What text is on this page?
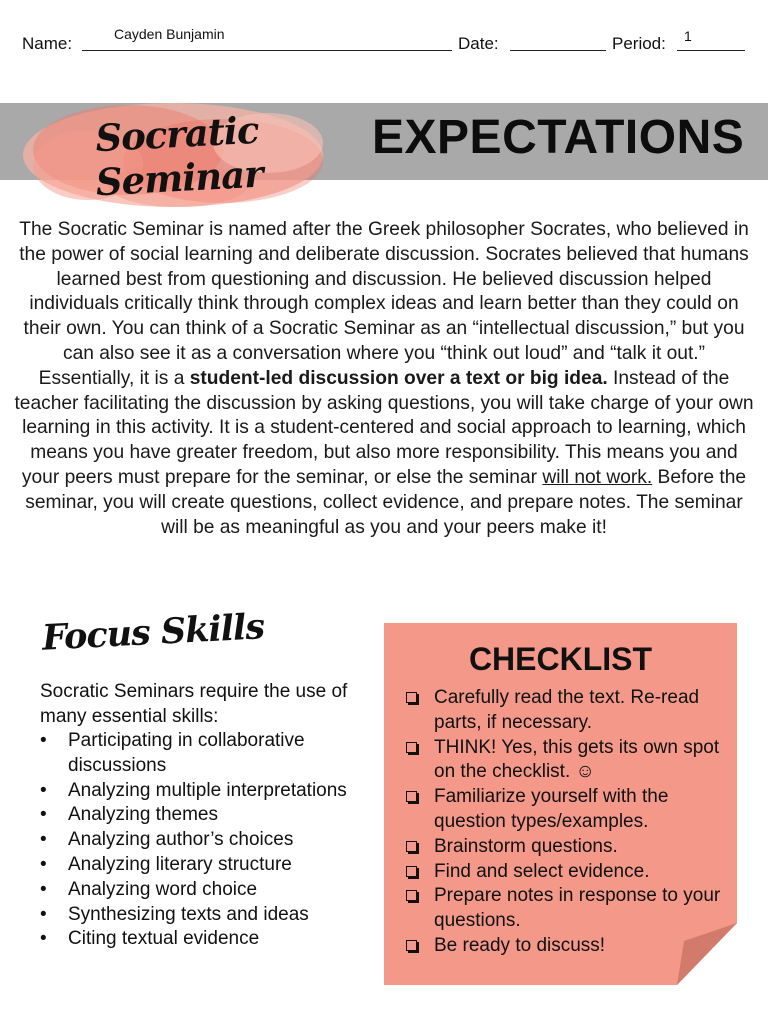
Name:	Cayden Bunjamin	Date:	Period: 1
Socratic Seminar
EXPECTATIONS
The Socratic Seminar is named after the Greek philosopher Socrates, who believed in the power of social learning and deliberate discussion. Socrates believed that humans learned best from questioning and discussion. He believed discussion helped individuals critically think through complex ideas and learn better than they could on their own. You can think of a Socratic Seminar as an “intellectual discussion,” but you can also see it as a conversation where you “think out loud” and “talk it out.” Essentially, it is a student-led discussion over a text or big idea. Instead of the teacher facilitating the discussion by asking questions, you will take charge of your own learning in this activity. It is a student-centered and social approach to learning, which means you have greater freedom, but also more responsibility. This means you and your peers must prepare for the seminar, or else the seminar will not work. Before the seminar, you will create questions, collect evidence, and prepare notes. The seminar will be as meaningful as you and your peers make it!
Focus Skills
Socratic Seminars require the use of many essential skills:
• Participating in collaborative discussions
• Analyzing multiple interpretations
• Analyzing themes
• Analyzing author’s choices
• Analyzing literary structure
• Analyzing word choice
• Synthesizing texts and ideas
• Citing textual evidence
CHECKLIST
Carefully read the text. Re-read parts, if necessary.
THINK! Yes, this gets its own spot on the checklist. ☺
Familiarize yourself with the question types/examples.
Brainstorm questions.
Find and select evidence.
Prepare notes in response to your questions.
Be ready to discuss!
